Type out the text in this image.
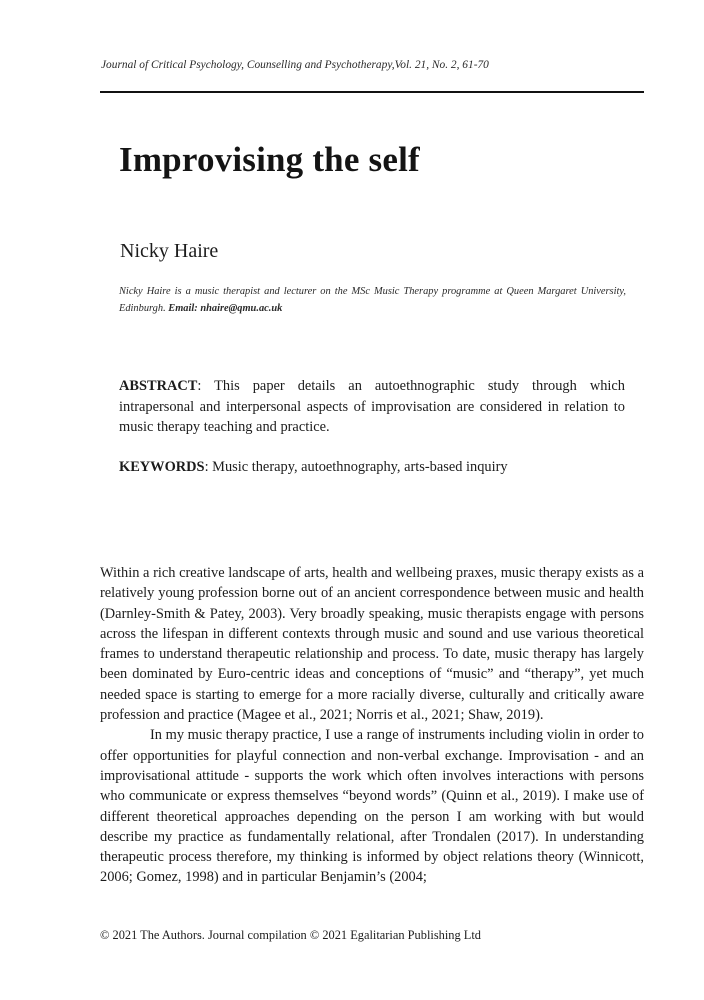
Journal of Critical Psychology, Counselling and Psychotherapy,Vol. 21, No. 2, 61-70
Improvising the self
Nicky Haire
Nicky Haire is a music therapist and lecturer on the MSc Music Therapy programme at Queen Margaret University, Edinburgh. Email: nhaire@qmu.ac.uk

ABSTRACT: This paper details an autoethnographic study through which intrapersonal and interpersonal aspects of improvisation are considered in relation to music therapy teaching and practice.

KEYWORDS: Music therapy, autoethnography, arts-based inquiry

Within a rich creative landscape of arts, health and wellbeing praxes, music therapy exists as a relatively young profession borne out of an ancient correspondence between music and health (Darnley-Smith & Patey, 2003). Very broadly speaking, music therapists engage with persons across the lifespan in different contexts through music and sound and use various theoretical frames to understand therapeutic relationship and process. To date, music therapy has largely been dominated by Euro-centric ideas and conceptions of “music” and “therapy”, yet much needed space is starting to emerge for a more racially diverse, culturally and critically aware profession and practice (Magee et al., 2021; Norris et al., 2021; Shaw, 2019).

In my music therapy practice, I use a range of instruments including violin in order to offer opportunities for playful connection and non-verbal exchange. Improvisation - and an improvisational attitude - supports the work which often involves interactions with persons who communicate or express themselves “beyond words” (Quinn et al., 2019). I make use of different theoretical approaches depending on the person I am working with but would describe my practice as fundamentally relational, after Trondalen (2017). In understanding therapeutic process therefore, my thinking is informed by object relations theory (Winnicott, 2006; Gomez, 1998) and in particular Benjamin’s (2004;

© 2021 The Authors. Journal compilation © 2021 Egalitarian Publishing Ltd
